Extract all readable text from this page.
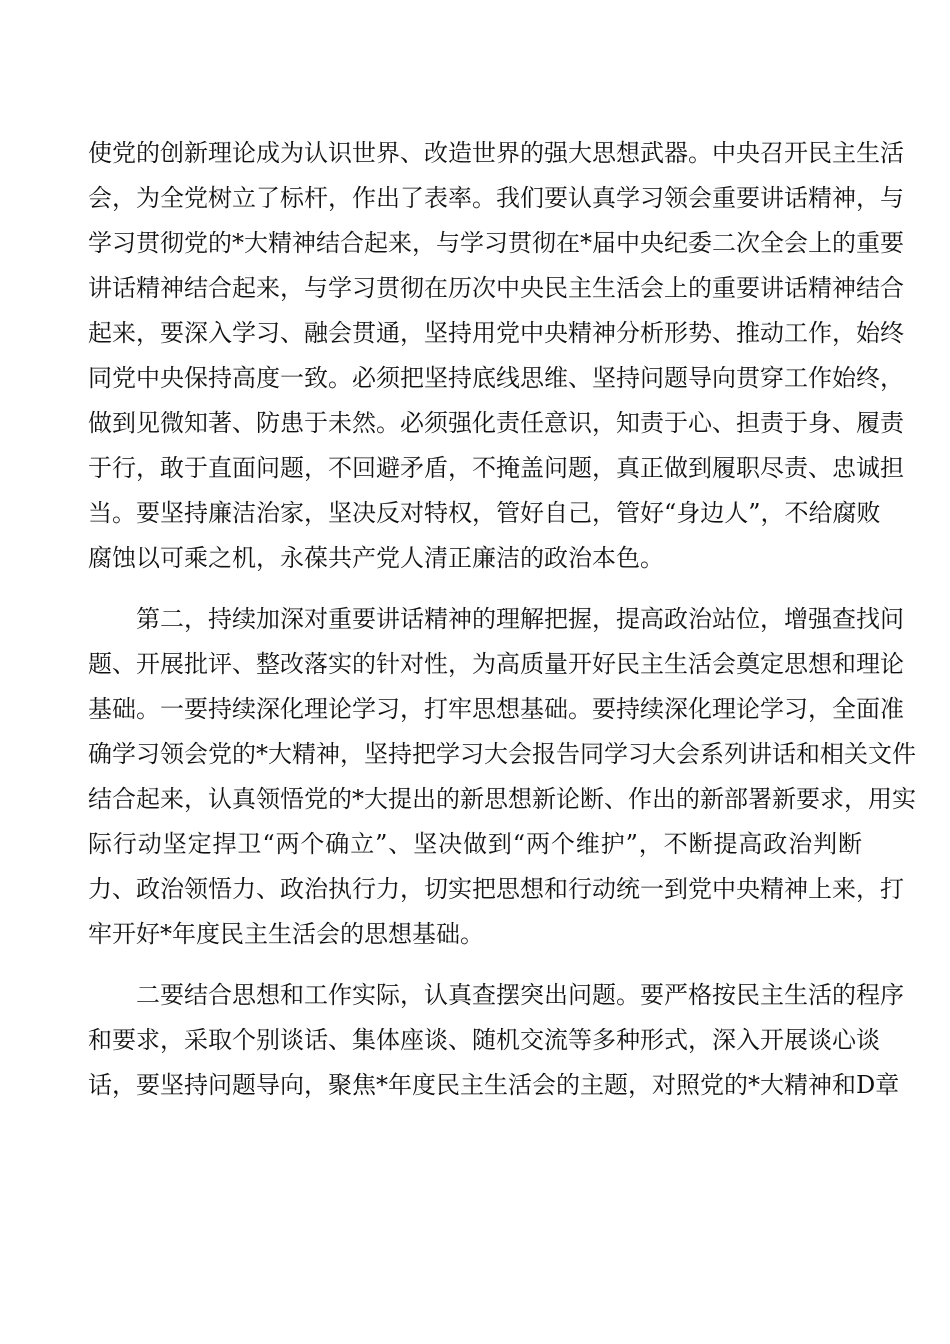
使党的创新理论成为认识世界、改造世界的强大思想武器。中央召开民主生活
会，为全党树立了标杆，作出了表率。我们要认真学习领会重要讲话精神，与
学习贯彻党的*大精神结合起来，与学习贯彻在*届中央纪委二次全会上的重要
讲话精神结合起来，与学习贯彻在历次中央民主生活会上的重要讲话精神结合
起来，要深入学习、融会贯通，坚持用党中央精神分析形势、推动工作，始终
同党中央保持高度一致。必须把坚持底线思维、坚持问题导向贯穿工作始终，
做到见微知著、防患于未然。必须强化责任意识，知责于心、担责于身、履责
于行，敢于直面问题，不回避矛盾，不掩盖问题，真正做到履职尽责、忠诚担
当。要坚持廉洁治家，坚决反对特权，管好自己，管好“身边人”，不给腐败
腐蚀以可乘之机，永葆共产党人清正廉洁的政治本色。
　　第二，持续加深对重要讲话精神的理解把握，提高政治站位，增强查找问
题、开展批评、整改落实的针对性，为高质量开好民主生活会奠定思想和理论
基础。一要持续深化理论学习，打牢思想基础。要持续深化理论学习，全面准
确学习领会党的*大精神，坚持把学习大会报告同学习大会系列讲话和相关文件
结合起来，认真领悟党的*大提出的新思想新论断、作出的新部署新要求，用实
际行动坚定捍卫“两个确立”、坚决做到“两个维护”，不断提高政治判断
力、政治领悟力、政治执行力，切实把思想和行动统一到党中央精神上来，打
牢开好*年度民主生活会的思想基础。
　　二要结合思想和工作实际，认真查摆突出问题。要严格按民主生活的程序
和要求，采取个别谈话、集体座谈、随机交流等多种形式，深入开展谈心谈
话，要坚持问题导向，聚焦*年度民主生活会的主题，对照党的*大精神和D章
